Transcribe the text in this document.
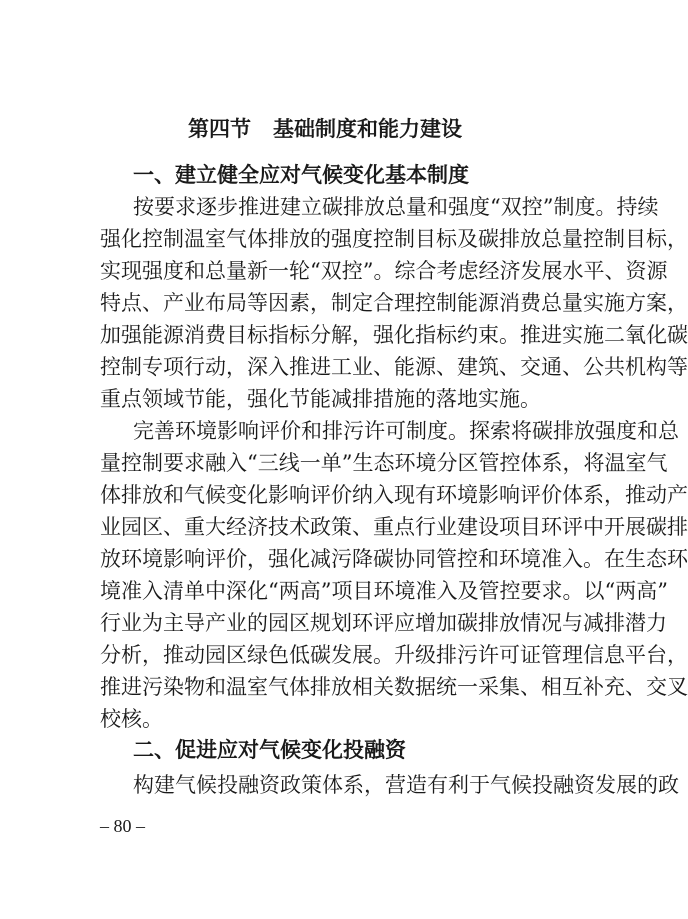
第四节 基础制度和能力建设
一、建立健全应对气候变化基本制度
按要求逐步推进建立碳排放总量和强度“双控”制度。持续
强化控制温室气体排放的强度控制目标及碳排放总量控制目标，
实现强度和总量新一轮“双控”。综合考虑经济发展水平、资源
特点、产业布局等因素，制定合理控制能源消费总量实施方案，
加强能源消费目标指标分解，强化指标约束。推进实施二氧化碳
控制专项行动，深入推进工业、能源、建筑、交通、公共机构等
重点领域节能，强化节能减排措施的落地实施。
完善环境影响评价和排污许可制度。探索将碳排放强度和总
量控制要求融入“三线一单”生态环境分区管控体系，将温室气
体排放和气候变化影响评价纳入现有环境影响评价体系，推动产
业园区、重大经济技术政策、重点行业建设项目环评中开展碳排
放环境影响评价，强化减污降碳协同管控和环境准入。在生态环
境准入清单中深化“两高”项目环境准入及管控要求。以“两高”
行业为主导产业的园区规划环评应增加碳排放情况与减排潜力
分析，推动园区绿色低碳发展。升级排污许可证管理信息平台，
推进污染物和温室气体排放相关数据统一采集、相互补充、交叉
校核。
二、促进应对气候变化投融资
构建气候投融资政策体系，营造有利于气候投融资发展的政
– 80 –
